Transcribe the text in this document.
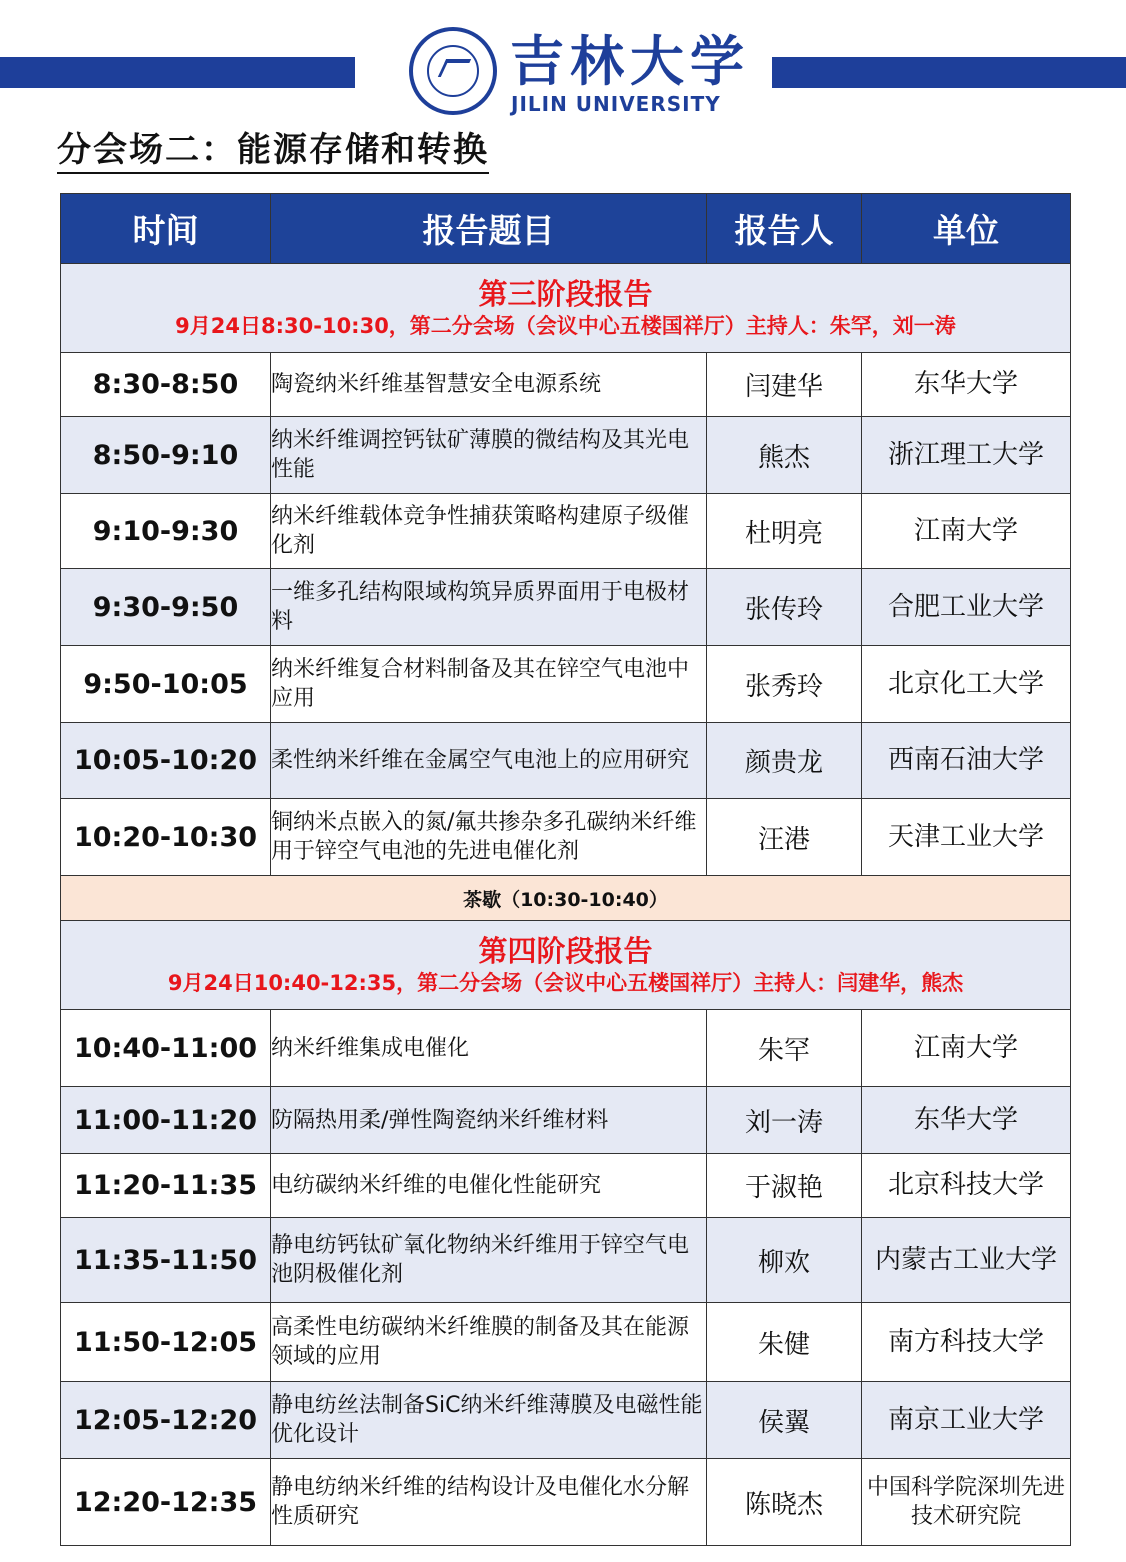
吉林大学
JILIN UNIVERSITY
分会场二：能源存储和转换
时间	报告题目	报告人	单位

第三阶段报告
9月24日8:30-10:30，第二分会场（会议中心五楼国祥厅）主持人：朱罕，刘一涛			

8:30-8:50	陶瓷纳米纤维基智慧安全电源系统	闫建华	东华大学
8:50-9:10	纳米纤维调控钙钛矿薄膜的微结构及其光电性能	熊杰	浙江理工大学
9:10-9:30	纳米纤维载体竞争性捕获策略构建原子级催化剂	杜明亮	江南大学
9:30-9:50	一维多孔结构限域构筑异质界面用于电极材料	张传玲	合肥工业大学
9:50-10:05	纳米纤维复合材料制备及其在锌空气电池中应用	张秀玲	北京化工大学
10:05-10:20	柔性纳米纤维在金属空气电池上的应用研究	颜贵龙	西南石油大学
10:20-10:30	铜纳米点嵌入的氮/氟共掺杂多孔碳纳米纤维用于锌空气电池的先进电催化剂	汪港	天津工业大学
茶歇（10:30-10:40）			

第四阶段报告
9月24日10:40-12:35，第二分会场（会议中心五楼国祥厅）主持人：闫建华，熊杰			

10:40-11:00	纳米纤维集成电催化	朱罕	江南大学
11:00-11:20	防隔热用柔/弹性陶瓷纳米纤维材料	刘一涛	东华大学
11:20-11:35	电纺碳纳米纤维的电催化性能研究	于淑艳	北京科技大学
11:35-11:50	静电纺钙钛矿氧化物纳米纤维用于锌空气电池阴极催化剂	柳欢	内蒙古工业大学
11:50-12:05	高柔性电纺碳纳米纤维膜的制备及其在能源领域的应用	朱健	南方科技大学
12:05-12:20	静电纺丝法制备SiC纳米纤维薄膜及电磁性能优化设计	侯翼	南京工业大学
12:20-12:35	静电纺纳米纤维的结构设计及电催化水分解性质研究	陈晓杰	中国科学院深圳先进技术研究院
